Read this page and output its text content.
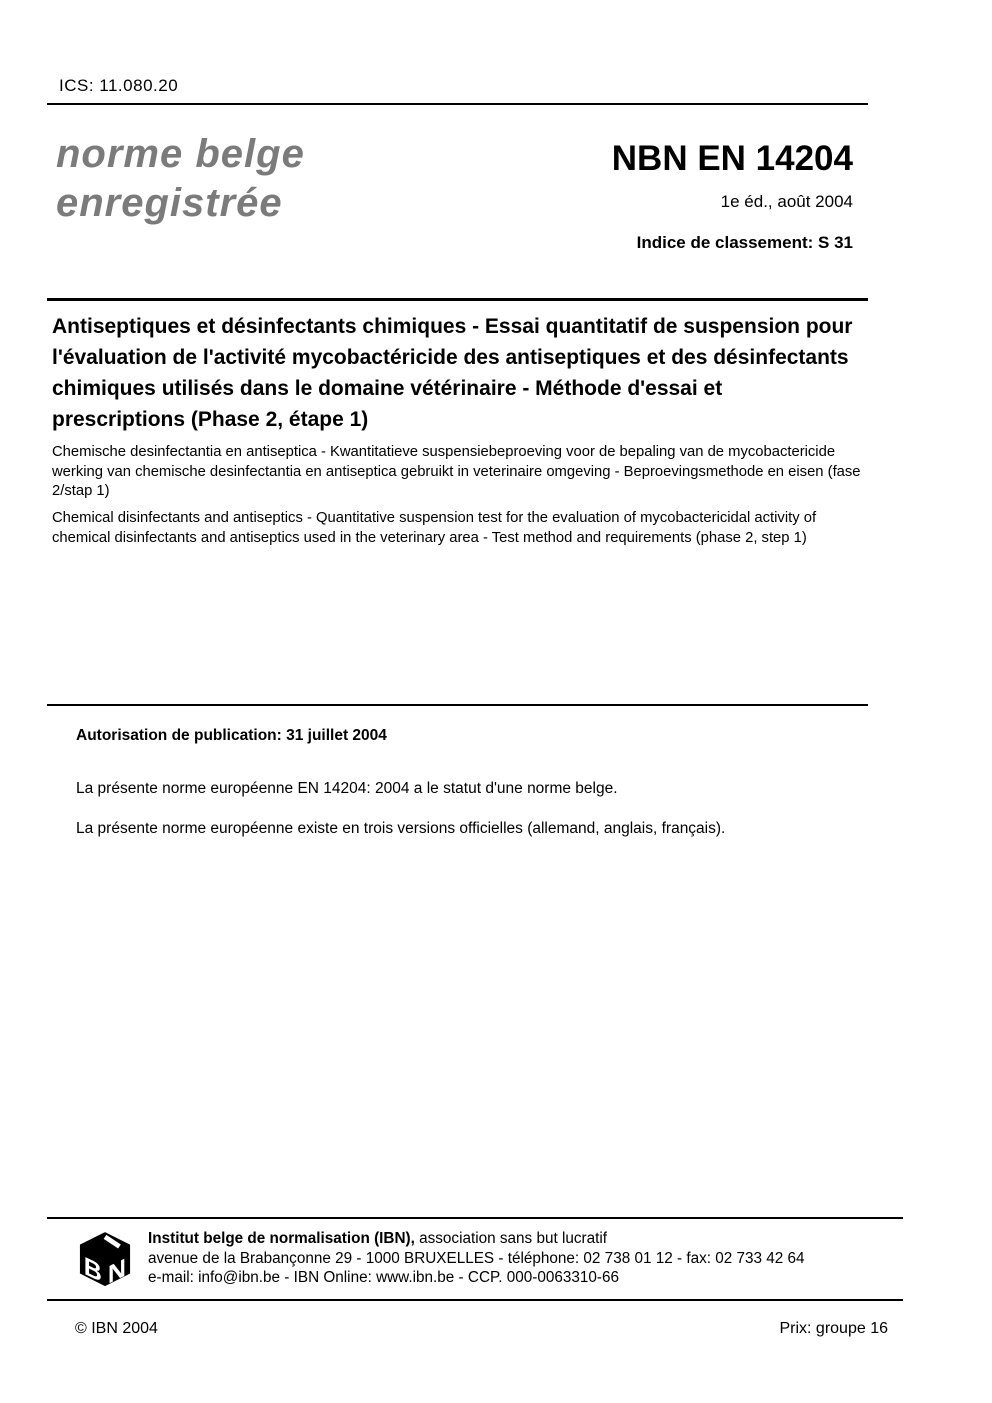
ICS: 11.080.20
norme belge
enregistrée
NBN EN 14204
1e éd., août 2004
Indice de classement: S 31
Antiseptiques et désinfectants chimiques - Essai quantitatif de suspension pour l'évaluation de l'activité mycobactéricide des antiseptiques et des désinfectants chimiques utilisés dans le domaine vétérinaire - Méthode d'essai et prescriptions (Phase 2, étape 1)
Chemische desinfectantia en antiseptica - Kwantitatieve suspensiebeproeving voor de bepaling van de mycobactericide werking van chemische desinfectantia en antiseptica gebruikt in veterinaire omgeving - Beproevingsmethode en eisen (fase 2/stap 1)
Chemical disinfectants and antiseptics - Quantitative suspension test for the evaluation of mycobactericidal activity of chemical disinfectants and antiseptics used in the veterinary area - Test method and requirements (phase 2, step 1)
Autorisation de publication: 31 juillet 2004
La présente norme européenne EN 14204: 2004 a le statut d'une norme belge.
La présente norme européenne existe en trois versions officielles (allemand, anglais, français).
B N
Institut belge de normalisation (IBN), association sans but lucratif
avenue de la Brabançonne 29 - 1000 BRUXELLES - téléphone: 02 738 01 12 - fax: 02 733 42 64
e-mail: info@ibn.be - IBN Online: www.ibn.be - CCP. 000-0063310-66
© IBN 2004	Prix: groupe 16
